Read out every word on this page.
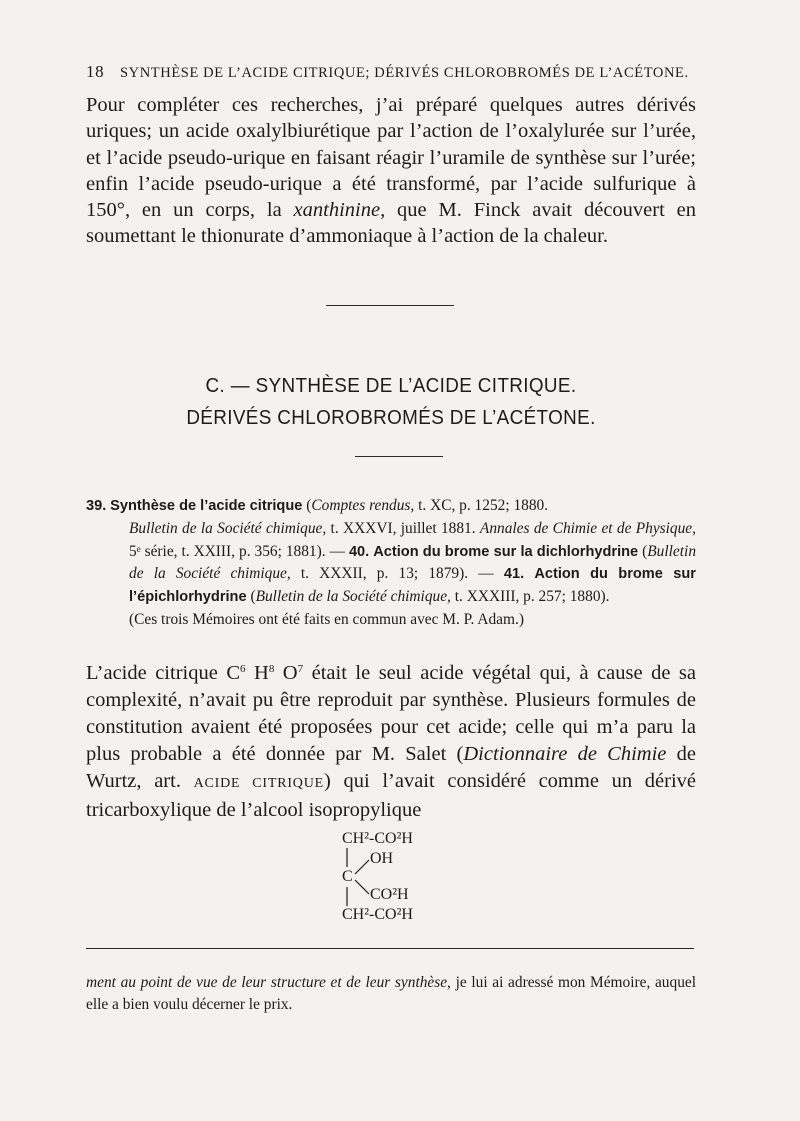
18 SYNTHÈSE DE L’ACIDE CITRIQUE; DÉRIVÉS CHLOROBROMÉS DE L’ACÉTONE.
Pour compléter ces recherches, j’ai préparé quelques autres dérivés uriques; un acide oxalylbiurétique par l’action de l’oxalylurée sur l’urée, et l’acide pseudo-urique en faisant réagir l’uramile de synthèse sur l’urée; enfin l’acide pseudo-urique a été transformé, par l’acide sulfurique à 150°, en un corps, la xanthinine, que M. Finck avait découvert en soumettant le thionurate d’ammoniaque à l’action de la chaleur.
C. — SYNTHÈSE DE L’ACIDE CITRIQUE.
DÉRIVÉS CHLOROBROMÉS DE L’ACÉTONE.
39. Synthèse de l’acide citrique (Comptes rendus, t. XC, p. 1252; 1880.
Bulletin de la Société chimique, t. XXXVI, juillet 1881. Annales de Chimie et de Physique, 5ᵉ série, t. XXIII, p. 356; 1881). — 40. Action du brome sur la dichlorhydrine (Bulletin de la Société chimique, t. XXXII, p. 13; 1879). — 41. Action du brome sur l’épichlorhydrine (Bulletin de la Société chimique, t. XXXIII, p. 257; 1880).
(Ces trois Mémoires ont été faits en commun avec M. P. Adam.)
L’acide citrique $C^6$ $H^8$ $O^7$ était le seul acide végétal qui, à cause de sa complexité, n’avait pu être reproduit par synthèse. Plusieurs formules de constitution avaient été proposées pour cet acide; celle qui m’a paru la plus probable a été donnée par M. Salet (Dictionnaire de Chimie de Wurtz, art. ACIDE CITRIQUE) qui l’avait considéré comme un dérivé tricarboxylique de l’alcool isopropylique
CH²-CO²H
OH
C
CO²H
CH²-CO²H
ment au point de vue de leur structure et de leur synthèse, je lui ai adressé mon Mémoire, auquel elle a bien voulu décerner le prix.
